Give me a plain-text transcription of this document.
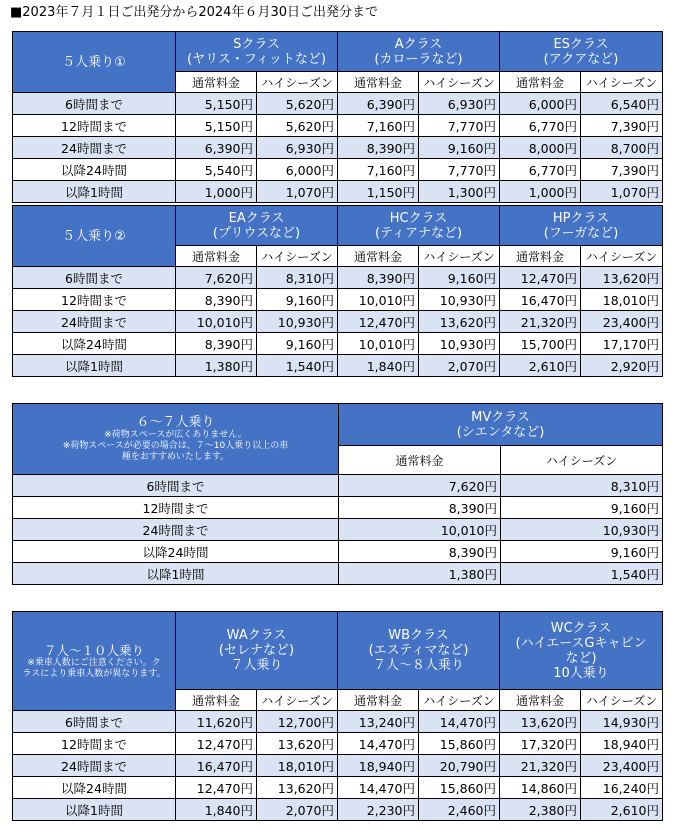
■2023年７月１日ご出発分から2024年６月30日ご出発分まで
５人乗り①	Sクラス
(ヤリス・フィットなど)		Aクラス
(カローラなど)		ESクラス
(アクアなど)	

	通常料金	ハイシーズン	通常料金	ハイシーズン	通常料金	ハイシーズン
6時間まで	5,150円	5,620円	6,390円	6,930円	6,000円	6,540円
12時間まで	5,150円	5,620円	7,160円	7,770円	6,770円	7,390円
24時間まで	6,390円	6,930円	8,390円	9,160円	8,000円	8,700円
以降24時間	5,540円	6,000円	7,160円	7,770円	6,770円	7,390円
以降1時間	1,000円	1,070円	1,150円	1,300円	1,000円	1,070円
５人乗り②	EAクラス
(プリウスなど)		HCクラス
(ティアナなど)		HPクラス
(フーガなど)	

	通常料金	ハイシーズン	通常料金	ハイシーズン	通常料金	ハイシーズン
6時間まで	7,620円	8,310円	8,390円	9,160円	12,470円	13,620円
12時間まで	8,390円	9,160円	10,010円	10,930円	16,470円	18,010円
24時間まで	10,010円	10,930円	12,470円	13,620円	21,320円	23,400円
以降24時間	8,390円	9,160円	10,010円	10,930円	15,700円	17,170円
以降1時間	1,380円	1,540円	1,840円	2,070円	2,610円	2,920円
６～７人乗り
※荷物スペースが広くありません。
※荷物スペースが必要の場合は、７～10人乗り以上の車
種をおすすめいたします。	MVクラス
(シエンタなど)	

	通常料金	ハイシーズン
6時間まで	7,620円	8,310円
12時間まで	8,390円	9,160円
24時間まで	10,010円	10,930円
以降24時間	8,390円	9,160円
以降1時間	1,380円	1,540円
７人～１０人乗り
※乗車人数にご注意ください。ク
ラスにより乗車人数が異なります。	WAクラス
(セレナなど)
７人乗り		WBクラス
(エスティマなど)
７人～８人乗り		WCクラス
(ハイエースGキャビン
など)
10人乗り	

	通常料金	ハイシーズン	通常料金	ハイシーズン	通常料金	ハイシーズン
6時間まで	11,620円	12,700円	13,240円	14,470円	13,620円	14,930円
12時間まで	12,470円	13,620円	14,470円	15,860円	17,320円	18,940円
24時間まで	16,470円	18,010円	18,940円	20,790円	21,320円	23,400円
以降24時間	12,470円	13,620円	14,470円	15,860円	14,860円	16,240円
以降1時間	1,840円	2,070円	2,230円	2,460円	2,380円	2,610円
